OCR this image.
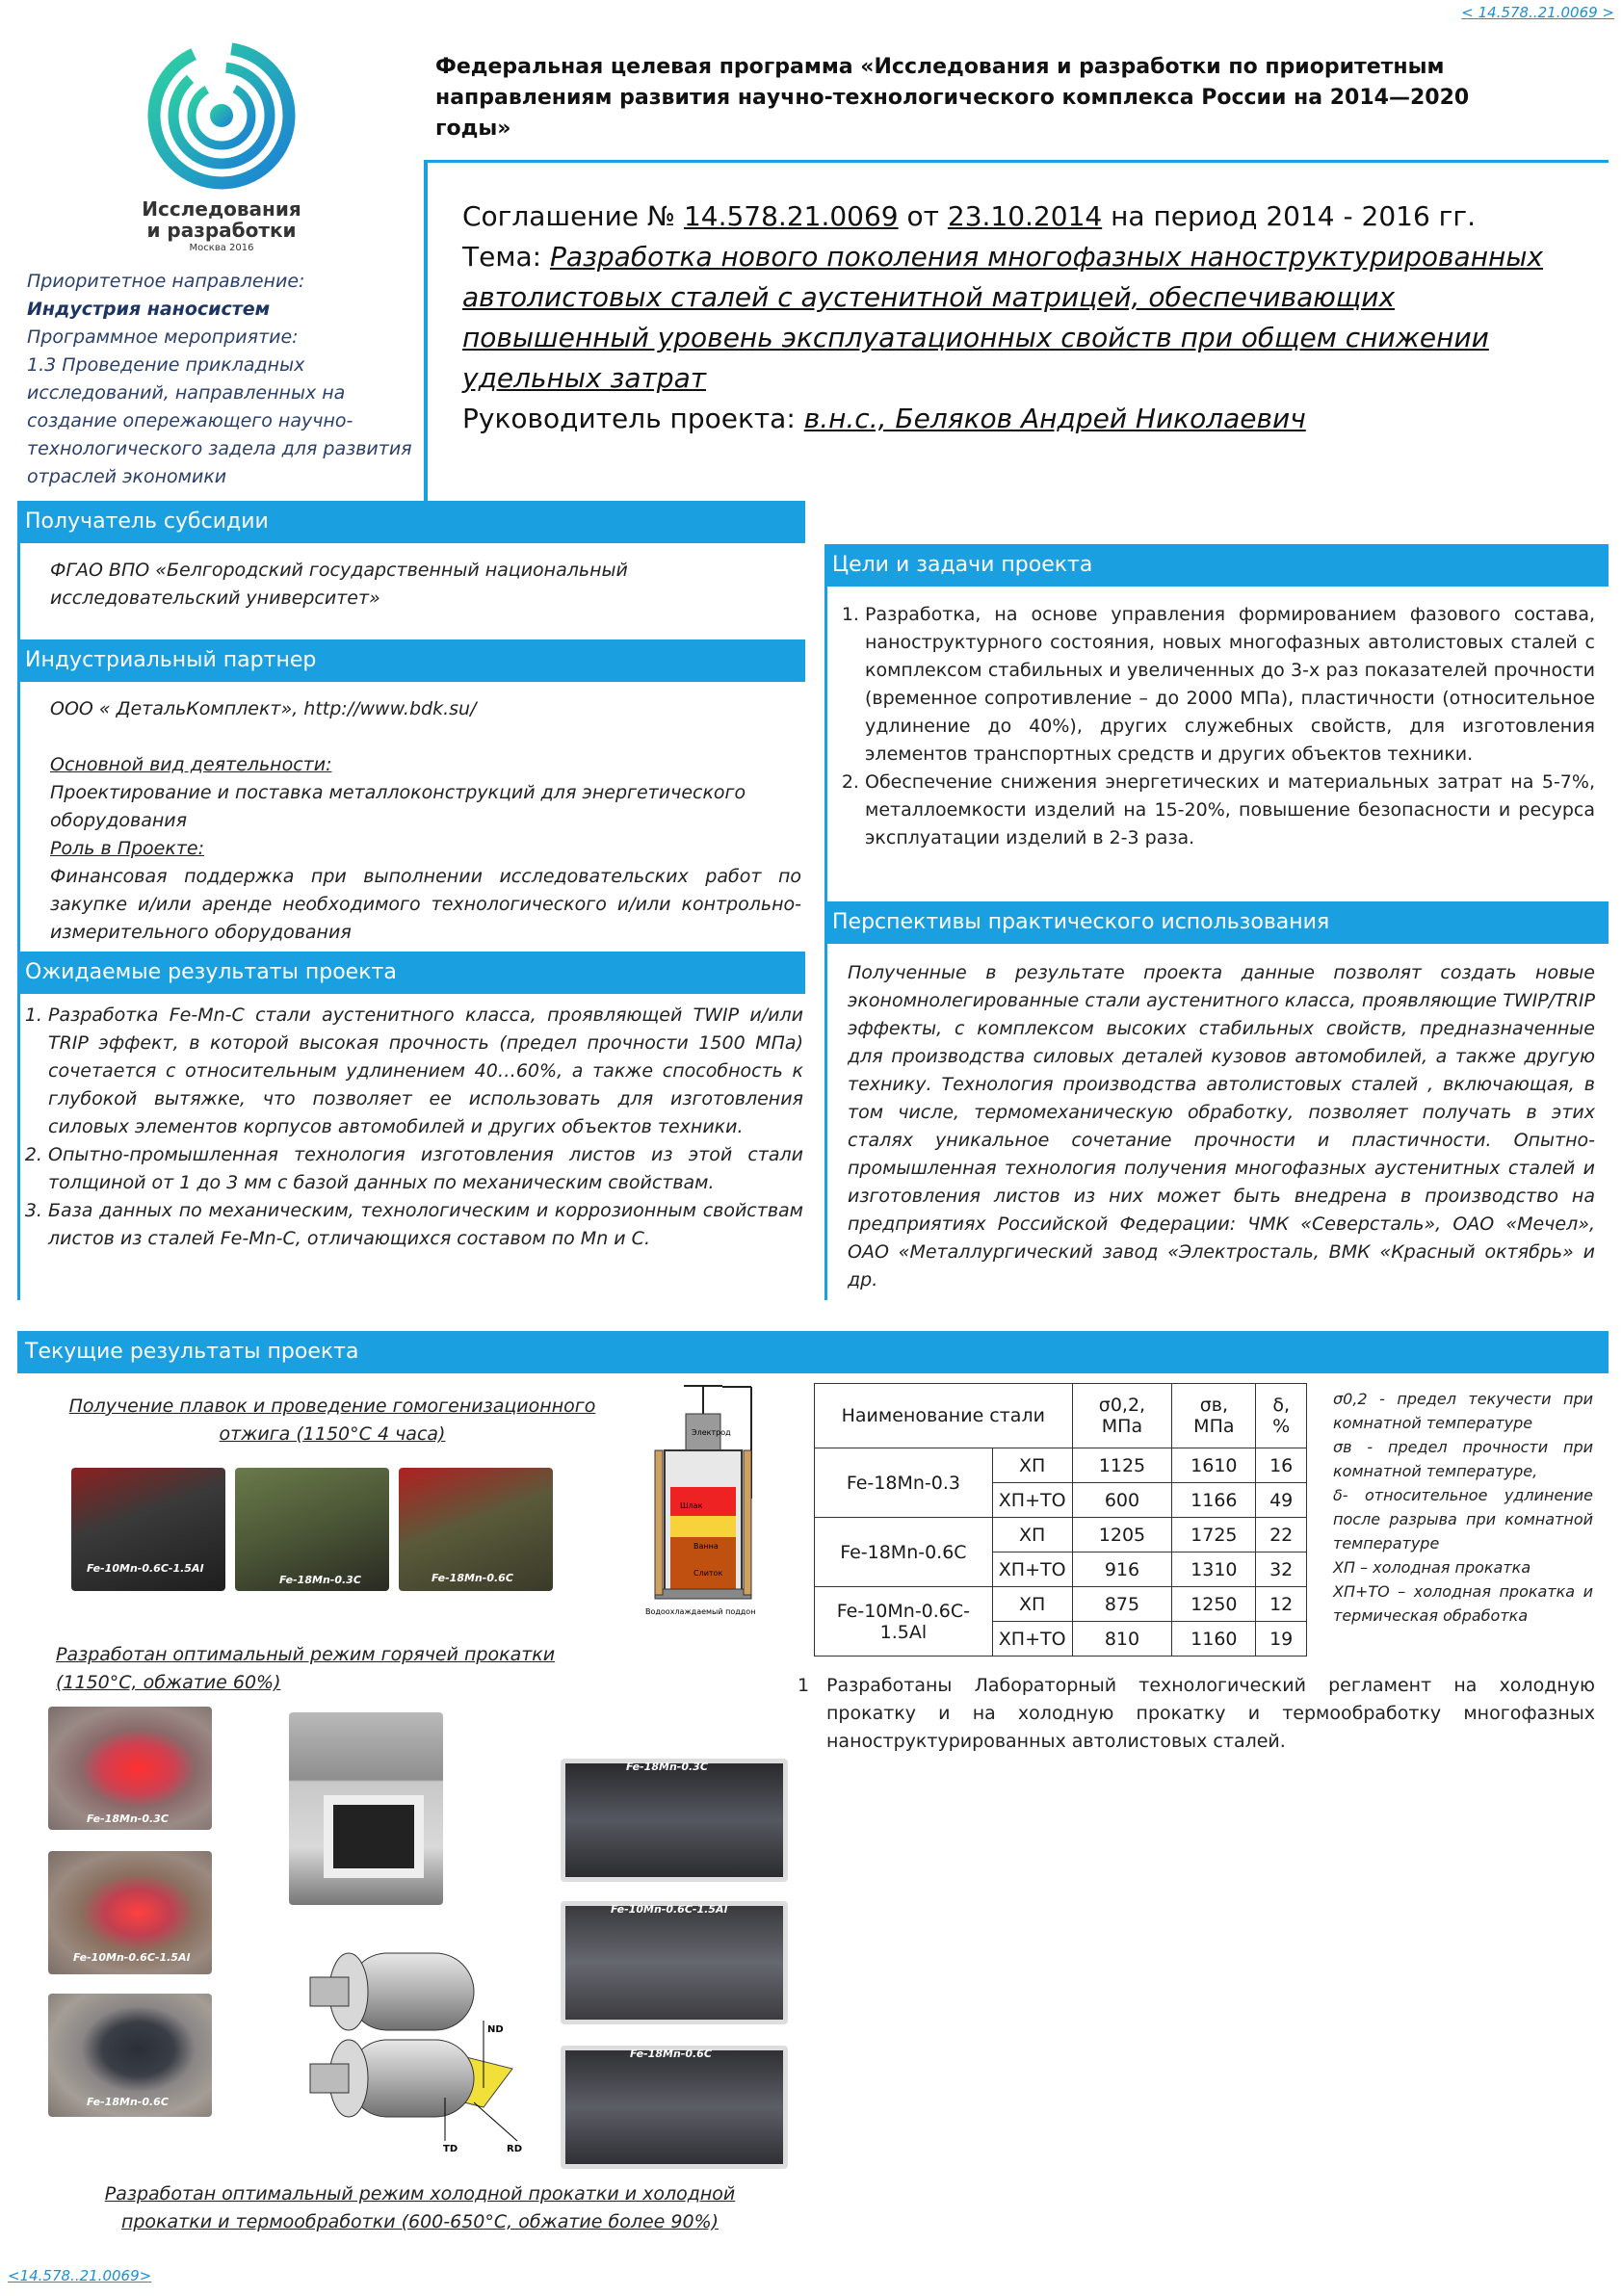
< 14.578..21.0069 >
Исследования
и разработки
Москва 2016
Федеральная целевая программа «Исследования и разработки по приоритетным направлениям развития научно-технологического комплекса России на 2014—2020 годы»
Соглашение № 14.578.21.0069 от 23.10.2014 на период 2014 - 2016 гг.
Тема: Разработка нового поколения многофазных наноструктурированных автолистовых сталей с аустенитной матрицей, обеспечивающих повышенный уровень эксплуатационных свойств при общем снижении удельных затрат
Руководитель проекта: в.н.с., Беляков Андрей Николаевич
Приоритетное направление:
Индустрия наносистем
Программное мероприятие:
1.3 Проведение прикладных исследований, направленных на создание опережающего научно-технологического задела для развития отраслей экономики
Получатель субсидии
ФГАО ВПО «Белгородский государственный национальный исследовательский университет»
Индустриальный партнер
ООО « ДетальКомплект», http://www.bdk.su/
Основной вид деятельности:
Проектирование и поставка металлоконструкций для энергетического оборудования
Роль в Проекте:
Финансовая поддержка при выполнении исследовательских работ по закупке и/или аренде необходимого технологического и/или контрольно-измерительного оборудования
Ожидаемые результаты проекта
1. Разработка Fe-Mn-C стали аустенитного класса, проявляющей TWIP и/или TRIP эффект, в которой высокая прочность (предел прочности 1500 МПа) сочетается с относительным удлинением 40…60%, а также способность к глубокой вытяжке, что позволяет ее использовать для изготовления силовых элементов корпусов автомобилей и других объектов техники.
2. Опытно-промышленная технология изготовления листов из этой стали толщиной от 1 до 3 мм с базой данных по механическим свойствам.
3. База данных по механическим, технологическим и коррозионным свойствам листов из сталей Fe-Mn-C, отличающихся составом по Mn и C.
Цели и задачи проекта
1. Разработка, на основе управления формированием фазового состава, наноструктурного состояния, новых многофазных автолистовых сталей с комплексом стабильных и увеличенных до 3-х раз показателей прочности (временное сопротивление – до 2000 МПа), пластичности (относительное удлинение до 40%), других служебных свойств, для изготовления элементов транспортных средств и других объектов техники.
2. Обеспечение снижения энергетических и материальных затрат на 5-7%, металлоемкости изделий на 15-20%, повышение безопасности и ресурса эксплуатации изделий в 2-3 раза.
Перспективы практического использования
Полученные в результате проекта данные позволят создать новые экономнолегированные стали аустенитного класса, проявляющие TWIP/TRIP эффекты, с комплексом высоких стабильных свойств, предназначенные для производства силовых деталей кузовов автомобилей, а также другую технику. Технология производства автолистовых сталей , включающая, в том числе, термомеханическую обработку, позволяет получать в этих сталях уникальное сочетание прочности и пластичности. Опытно-промышленная технология получения многофазных аустенитных сталей и изготовления листов из них может быть внедрена в производство на предприятиях Российской Федерации: ЧМК «Северсталь», ОАО «Мечел», ОАО «Металлургический завод «Электросталь, ВМК «Красный октябрь» и др.
Текущие результаты проекта
Получение плавок и проведение гомогенизационного отжига (1150°С 4 часа)
Fe-10Mn-0.6C-1.5Al
Fe-18Mn-0.3C	Fe-18Mn-0.6C
Электрод
Шлак
Ванна
Слиток
Водоохлаждаемый поддон
Разработан оптимальный режим горячей прокатки (1150°С, обжатие 60%)
Fe-18Mn-0.3C
Fe-10Mn-0.6C-1.5Al
Fe-18Mn-0.6C
ND
TD	RD
Fe-18Mn-0.3C
Fe-10Mn-0.6C-1.5Al
Fe-18Mn-0.6C
Разработан оптимальный режим холодной прокатки и холодной прокатки и термообработки (600-650°С, обжатие более 90%)
Наименование стали		σ0,2, МПа	σв, МПа	δ, %
Fe-18Mn-0.3	ХП	1125	1610	16
	ХП+ТО	600	1166	49
Fe-18Mn-0.6C	ХП	1205	1725	22
	ХП+ТО	916	1310	32
Fe-10Mn-0.6C-1.5Al	ХП	875	1250	12
	ХП+ТО	810	1160	19
σ0,2 - предел текучести при комнатной температуре
σв - предел прочности при комнатной температуре,
δ- относительное удлинение после разрыва при комнатной температуре
ХП – холодная прокатка
ХП+ТО – холодная прокатка и термическая обработка
1 Разработаны Лабораторный технологический регламент на холодную прокатку и на холодную прокатку и термообработку многофазных наноструктурированных автолистовых сталей.
<14.578..21.0069>
